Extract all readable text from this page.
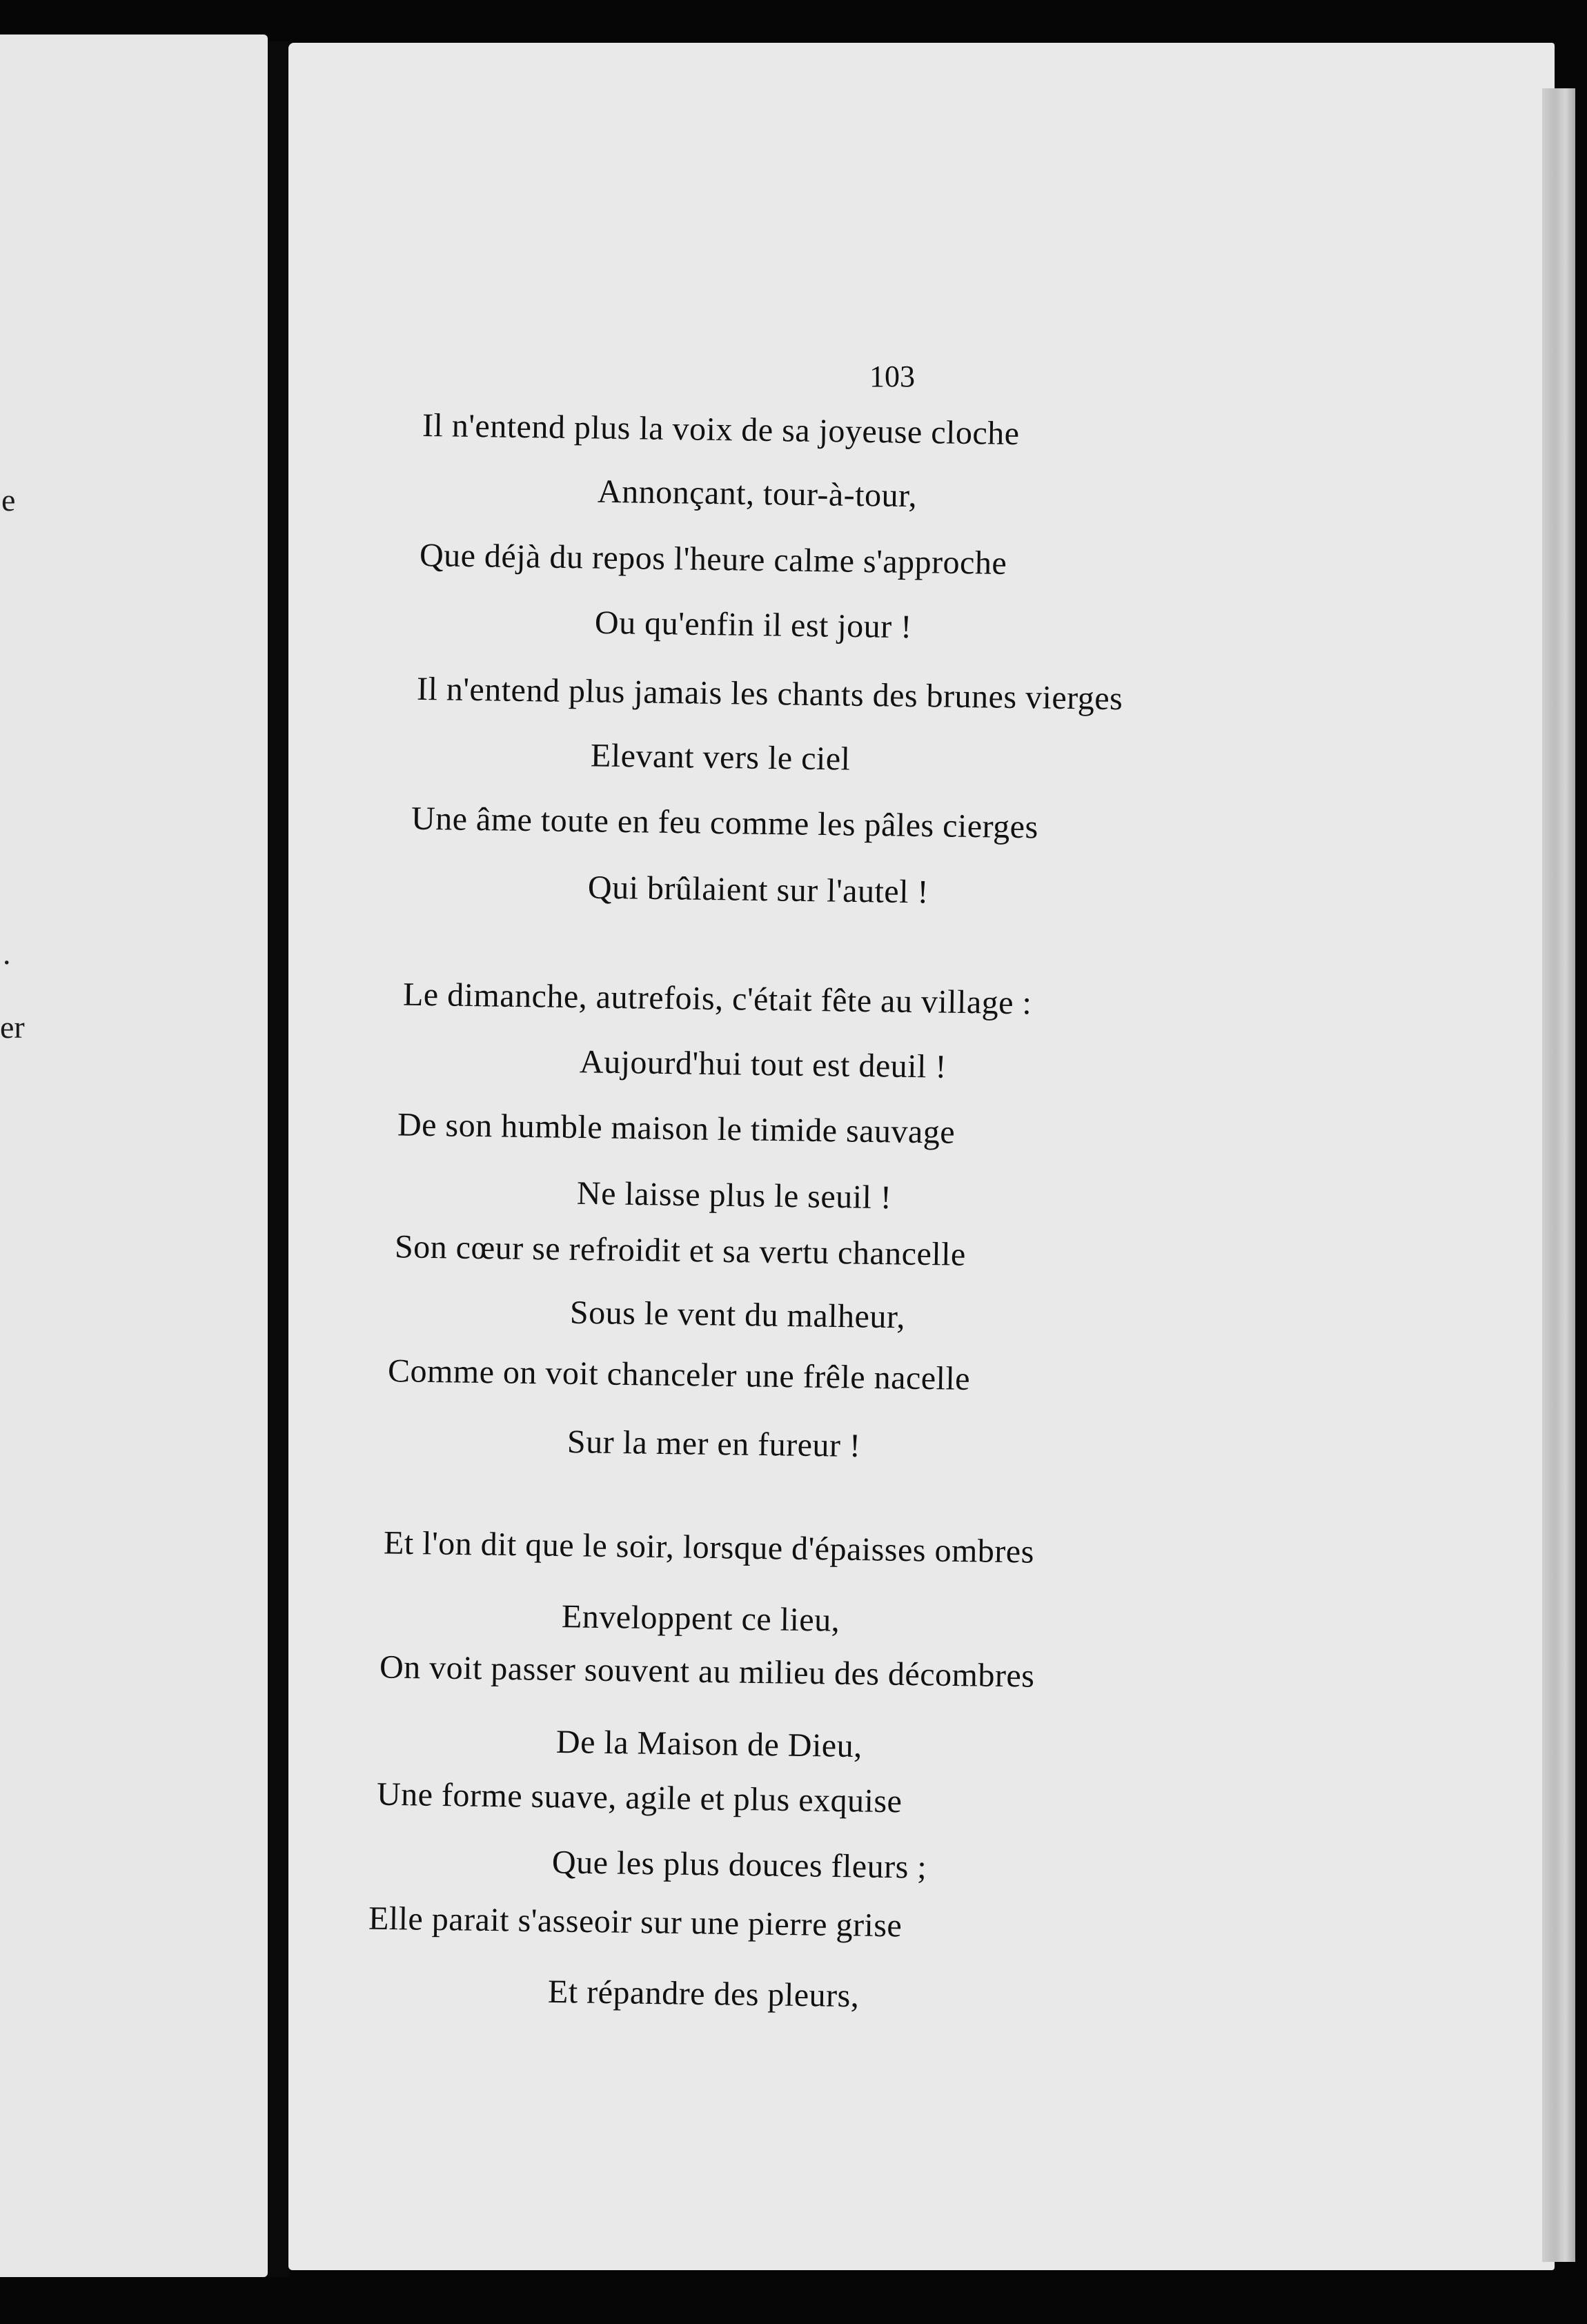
e
.
er
103
Il n'entend plus la voix de sa joyeuse cloche
Annonçant, tour-à-tour,
Que déjà du repos l'heure calme s'approche
Ou qu'enfin il est jour !
Il n'entend plus jamais les chants des brunes vierges
Elevant vers le ciel
Une âme toute en feu comme les pâles cierges
Qui brûlaient sur l'autel !
Le dimanche, autrefois, c'était fête au village :
Aujourd'hui tout est deuil !
De son humble maison le timide sauvage
Ne laisse plus le seuil !
Son cœur se refroidit et sa vertu chancelle
Sous le vent du malheur,
Comme on voit chanceler une frêle nacelle
Sur la mer en fureur !
Et l'on dit que le soir, lorsque d'épaisses ombres
Enveloppent ce lieu,
On voit passer souvent au milieu des décombres
De la Maison de Dieu,
Une forme suave, agile et plus exquise
Que les plus douces fleurs ;
Elle parait s'asseoir sur une pierre grise
Et répandre des pleurs,
